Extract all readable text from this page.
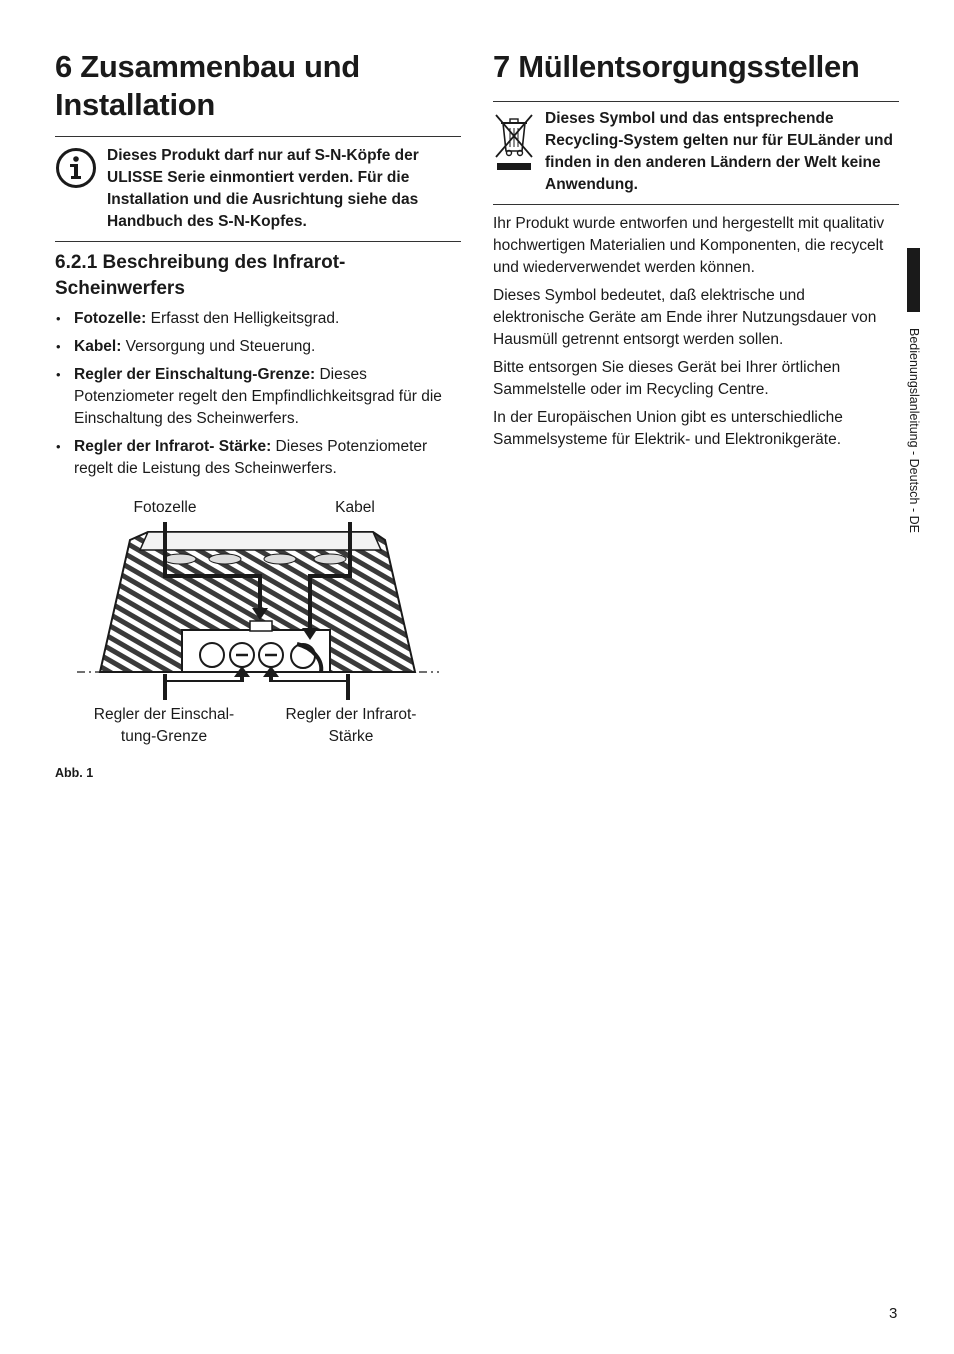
6 Zusammenbau und Installation
Dieses Produkt darf nur auf S-N-Köpfe der ULISSE Serie einmontiert verden. Für die Installation und die Ausrichtung siehe das Handbuch des S-N-Kopfes.
6.2.1 Beschreibung des Infrarot-Scheinwerfers
• Fotozelle: Erfasst den Helligkeitsgrad.
• Kabel: Versorgung und Steuerung.
• Regler der Einschaltung-Grenze: Dieses Potenziometer regelt den Empfindlichkeitsgrad für die Einschaltung des Scheinwerfers.
• Regler der Infrarot- Stärke: Dieses Potenziometer regelt die Leistung des Scheinwerfers.
Fotozelle	Kabel
Regler der Einschal-
tung-Grenze
Regler der Infrarot-
Stärke
Abb. 1
7 Müllentsorgungsstellen
Dieses Symbol und das entsprechende Recycling-System gelten nur für EULänder und finden in den anderen Ländern der Welt keine Anwendung.

Ihr Produkt wurde entworfen und hergestellt mit qualitativ hochwertigen Materialien und Komponenten, die recycelt und wiederverwendet werden können.

Dieses Symbol bedeutet, daß elektrische und elektronische Geräte am Ende ihrer Nutzungsdauer von Hausmüll getrennt entsorgt werden sollen.

Bitte entsorgen Sie dieses Gerät bei Ihrer örtlichen Sammelstelle oder im Recycling Centre.

In der Europäischen Union gibt es unterschiedliche Sammelsysteme für Elektrik- und Elektronikgeräte.	Bedienungslanleitung - Deutsch - DE
3
